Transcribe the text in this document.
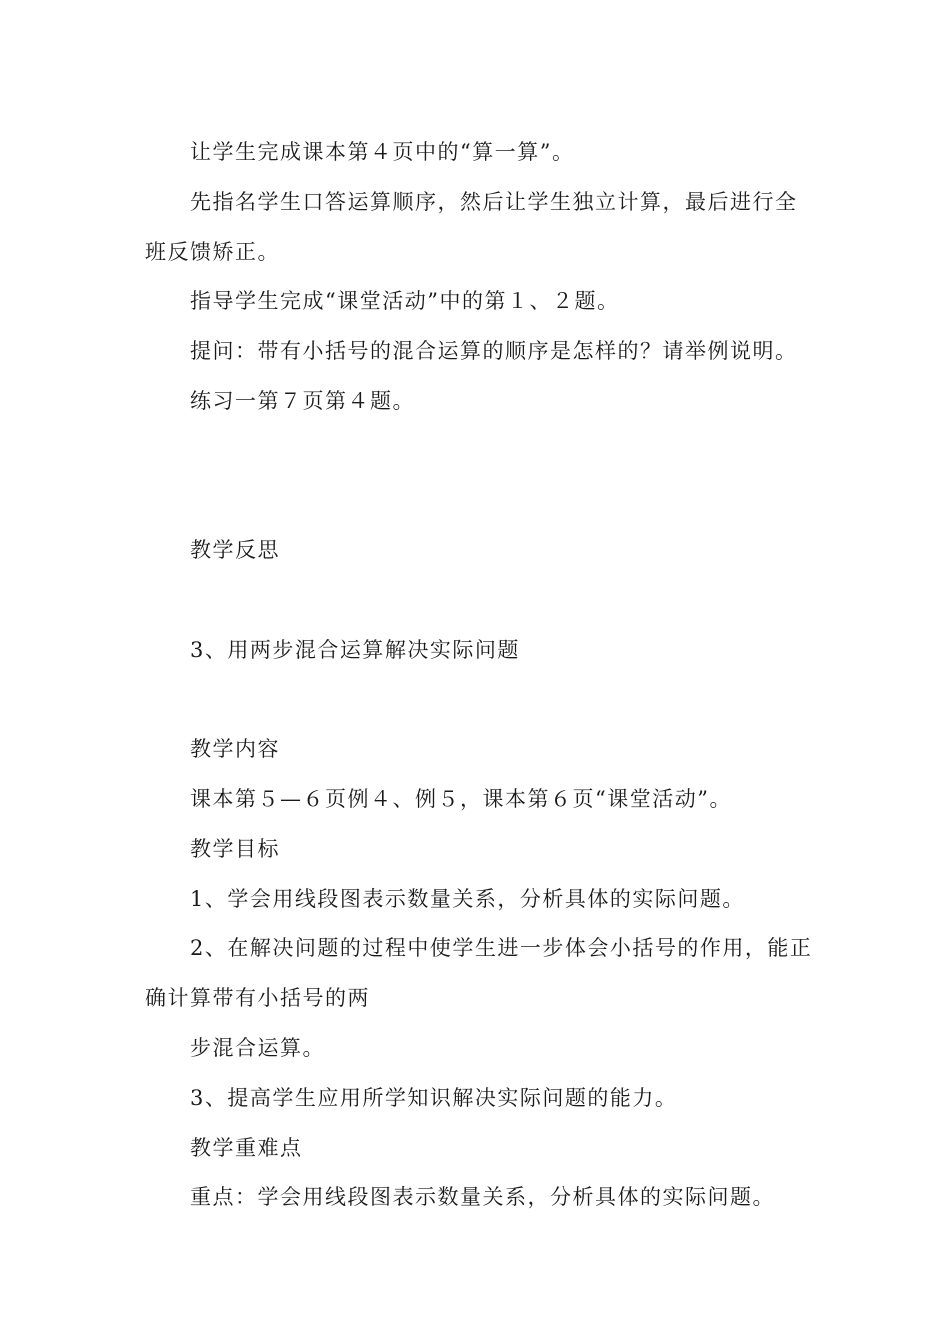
让学生完成课本第４页中的“算一算”。
先指名学生口答运算顺序，然后让学生独立计算，最后进行全
班反馈矫正。
指导学生完成“课堂活动”中的第１、２题。
提问：带有小括号的混合运算的顺序是怎样的？请举例说明。
练习一第７页第４题。
教学反思
3、用两步混合运算解决实际问题
教学内容
课本第５—６页例４、例５，课本第６页“课堂活动”。
教学目标
1、学会用线段图表示数量关系，分析具体的实际问题。
2、在解决问题的过程中使学生进一步体会小括号的作用，能正
确计算带有小括号的两
步混合运算。
3、提高学生应用所学知识解决实际问题的能力。
教学重难点
重点：学会用线段图表示数量关系，分析具体的实际问题。
